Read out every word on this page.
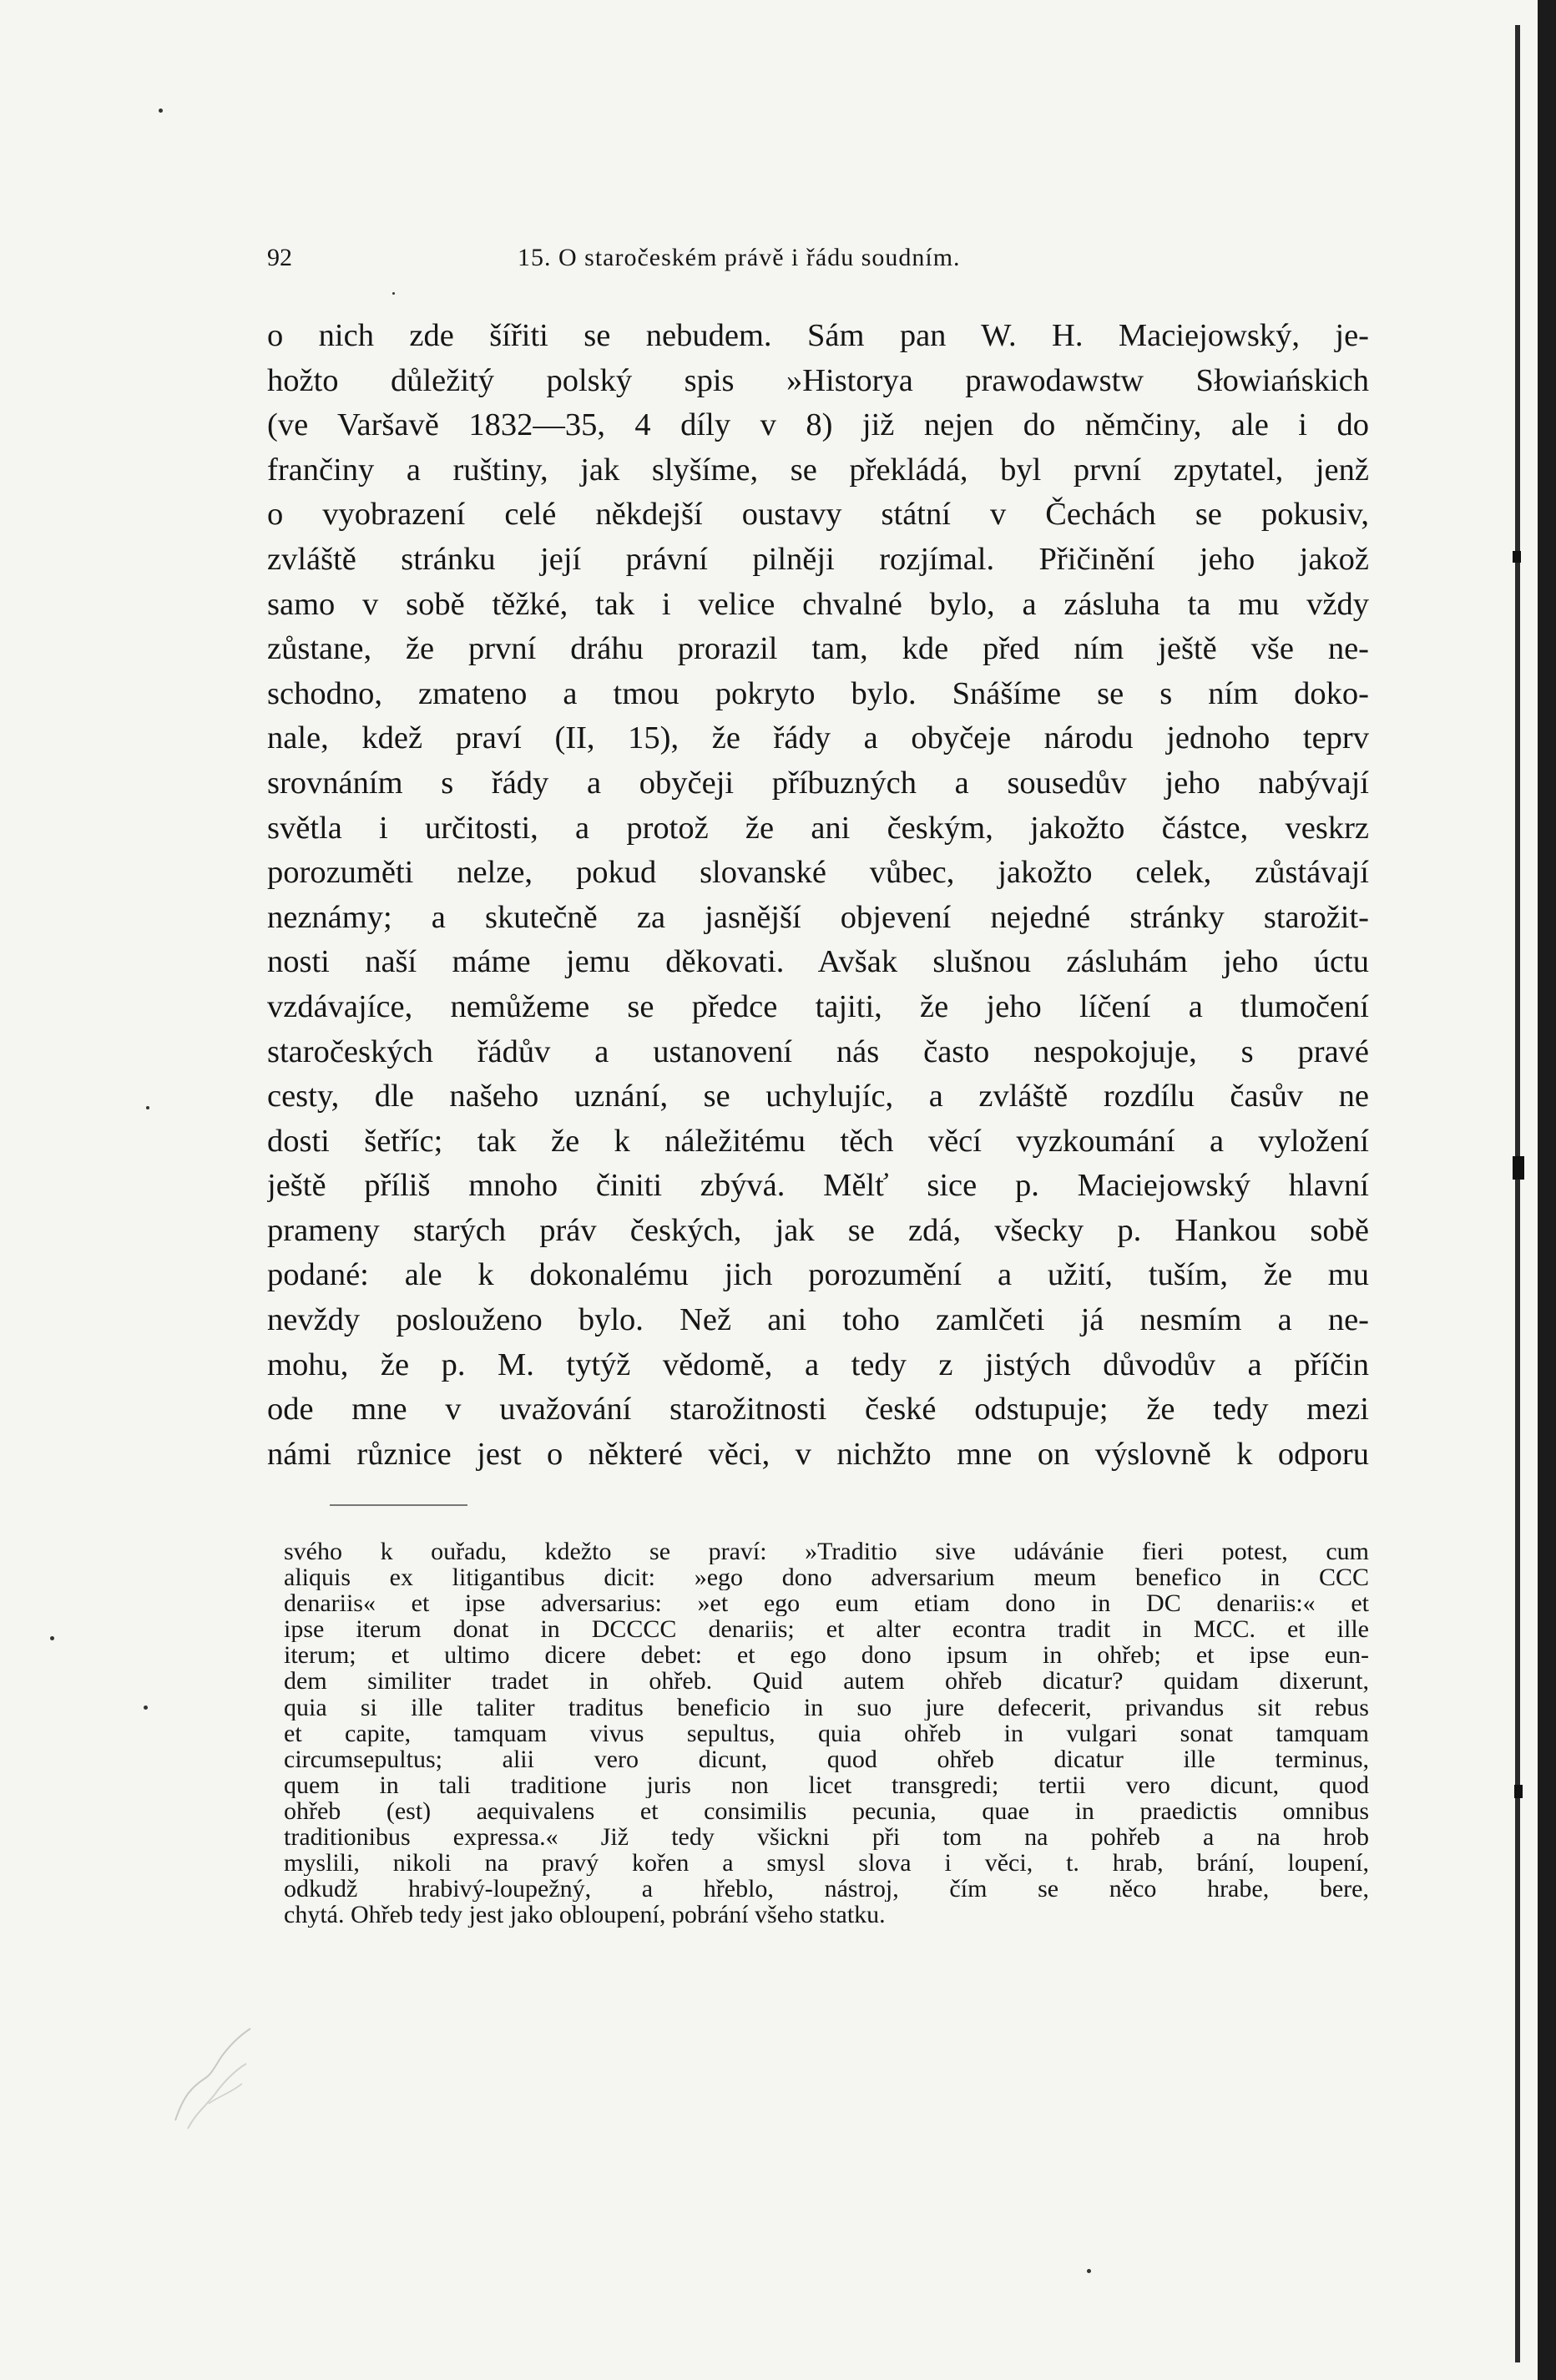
92	15. O staročeském právě i řádu soudním.
o nich zde šířiti se nebudem. Sám pan W. H. Maciejowský, je-
hožto důležitý polský spis »Historya prawodawstw Słowiańskich
(ve Varšavě 1832—35, 4 díly v 8) již nejen do němčiny, ale i do
frančiny a ruštiny, jak slyšíme, se překládá, byl první zpytatel, jenž
o vyobrazení celé někdejší oustavy státní v Čechách se pokusiv,
zvláště stránku její právní pilněji rozjímal. Přičinění jeho jakož
samo v sobě těžké, tak i velice chvalné bylo, a zásluha ta mu vždy
zůstane, že první dráhu prorazil tam, kde před ním ještě vše ne-
schodno, zmateno a tmou pokryto bylo. Snášíme se s ním doko-
nale, kdež praví (II, 15), že řády a obyčeje národu jednoho teprv
srovnáním s řády a obyčeji příbuzných a sousedův jeho nabývají
světla i určitosti, a protož že ani českým, jakožto částce, veskrz
porozuměti nelze, pokud slovanské vůbec, jakožto celek, zůstávají
neznámy; a skutečně za jasnější objevení nejedné stránky starožit-
nosti naší máme jemu děkovati. Avšak slušnou zásluhám jeho úctu
vzdávajíce, nemůžeme se předce tajiti, že jeho líčení a tlumočení
staročeských řádův a ustanovení nás často nespokojuje, s pravé
cesty, dle našeho uznání, se uchylujíc, a zvláště rozdílu časův ne
dosti šetříc; tak že k náležitému těch věcí vyzkoumání a vyložení
ještě příliš mnoho činiti zbývá. Mělť sice p. Maciejowský hlavní
prameny starých práv českých, jak se zdá, všecky p. Hankou sobě
podané: ale k dokonalému jich porozumění a užití, tuším, že mu
nevždy poslouženo bylo. Než ani toho zamlčeti já nesmím a ne-
mohu, že p. M. tytýž vědomě, a tedy z jistých důvodův a příčin
ode mne v uvažování starožitnosti české odstupuje; že tedy mezi
námi různice jest o některé věci, v nichžto mne on výslovně k odporu
svého k ouřadu, kdežto se praví: »Traditio sive udávánie fieri potest, cum
aliquis ex litigantibus dicit: »ego dono adversarium meum benefico in CCC
denariis« et ipse adversarius: »et ego eum etiam dono in DC denariis:« et
ipse iterum donat in DCCCC denariis; et alter econtra tradit in MCC. et ille
iterum; et ultimo dicere debet: et ego dono ipsum in ohřeb; et ipse eun-
dem similiter tradet in ohřeb. Quid autem ohřeb dicatur? quidam dixerunt,
quia si ille taliter traditus beneficio in suo jure defecerit, privandus sit rebus
et capite, tamquam vivus sepultus, quia ohřeb in vulgari sonat tamquam
circumsepultus; alii vero dicunt, quod ohřeb dicatur ille terminus,
quem in tali traditione juris non licet transgredi; tertii vero dicunt, quod
ohřeb (est) aequivalens et consimilis pecunia, quae in praedictis omnibus
traditionibus expressa.« Již tedy všickni při tom na pohřeb a na hrob
myslili, nikoli na pravý kořen a smysl slova i věci, t. hrab, brání, loupení,
odkudž hrabivý-loupežný, a hřeblo, nástroj, čím se něco hrabe, bere,
chytá. Ohřeb tedy jest jako obloupení, pobrání všeho statku.
